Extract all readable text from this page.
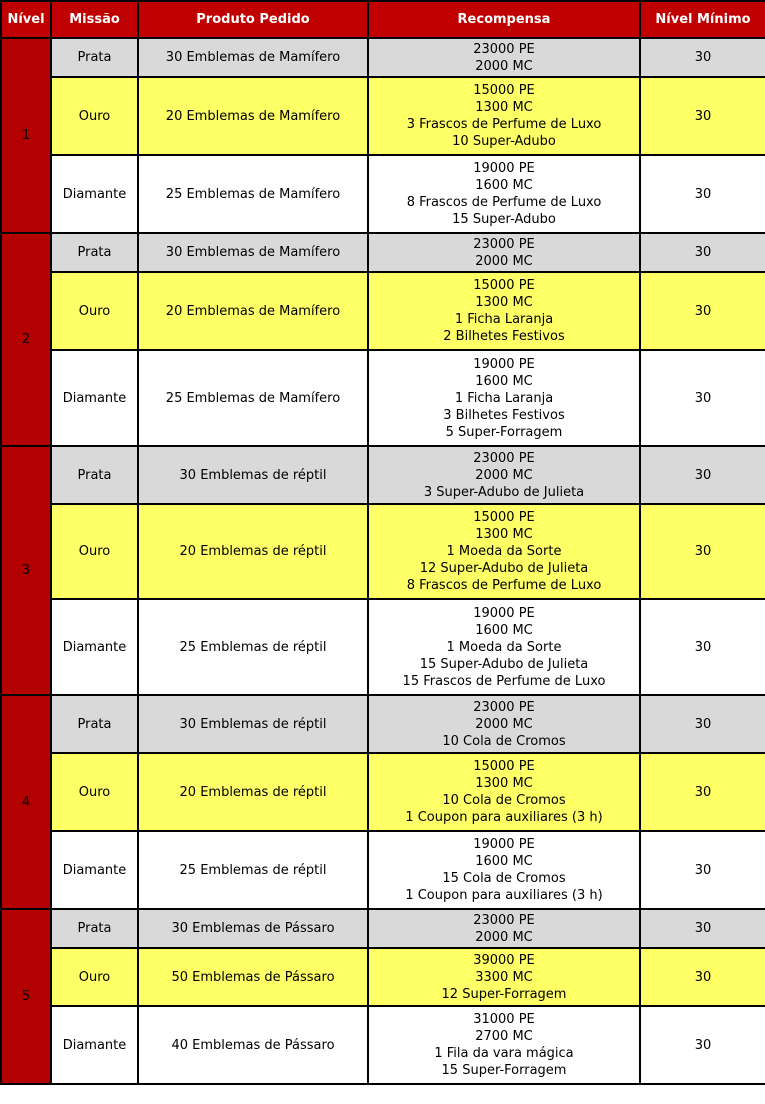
Nível	Missão	Produto Pedido	Recompensa	Nível Mínimo
1	Prata	30 Emblemas de Mamífero	23000 PE
2000 MC	30
	Ouro	20 Emblemas de Mamífero	15000 PE
1300 MC
3 Frascos de Perfume de Luxo
10 Super-Adubo	30
	Diamante	25 Emblemas de Mamífero	19000 PE
1600 MC
8 Frascos de Perfume de Luxo
15 Super-Adubo	30
2	Prata	30 Emblemas de Mamífero	23000 PE
2000 MC	30
	Ouro	20 Emblemas de Mamífero	15000 PE
1300 MC
1 Ficha Laranja
2 Bilhetes Festivos	30
	Diamante	25 Emblemas de Mamífero	19000 PE
1600 MC
1 Ficha Laranja
3 Bilhetes Festivos
5 Super-Forragem	30
3	Prata	30 Emblemas de réptil	23000 PE
2000 MC
3 Super-Adubo de Julieta	30
	Ouro	20 Emblemas de réptil	15000 PE
1300 MC
1 Moeda da Sorte
12 Super-Adubo de Julieta
8 Frascos de Perfume de Luxo	30
	Diamante	25 Emblemas de réptil	19000 PE
1600 MC
1 Moeda da Sorte
15 Super-Adubo de Julieta
15 Frascos de Perfume de Luxo	30
4	Prata	30 Emblemas de réptil	23000 PE
2000 MC
10 Cola de Cromos	30
	Ouro	20 Emblemas de réptil	15000 PE
1300 MC
10 Cola de Cromos
1 Coupon para auxiliares (3 h)	30
	Diamante	25 Emblemas de réptil	19000 PE
1600 MC
15 Cola de Cromos
1 Coupon para auxiliares (3 h)	30
5	Prata	30 Emblemas de Pássaro	23000 PE
2000 MC	30
	Ouro	50 Emblemas de Pássaro	39000 PE
3300 MC
12 Super-Forragem	30
	Diamante	40 Emblemas de Pássaro	31000 PE
2700 MC
1 Fila da vara mágica
15 Super-Forragem	30
